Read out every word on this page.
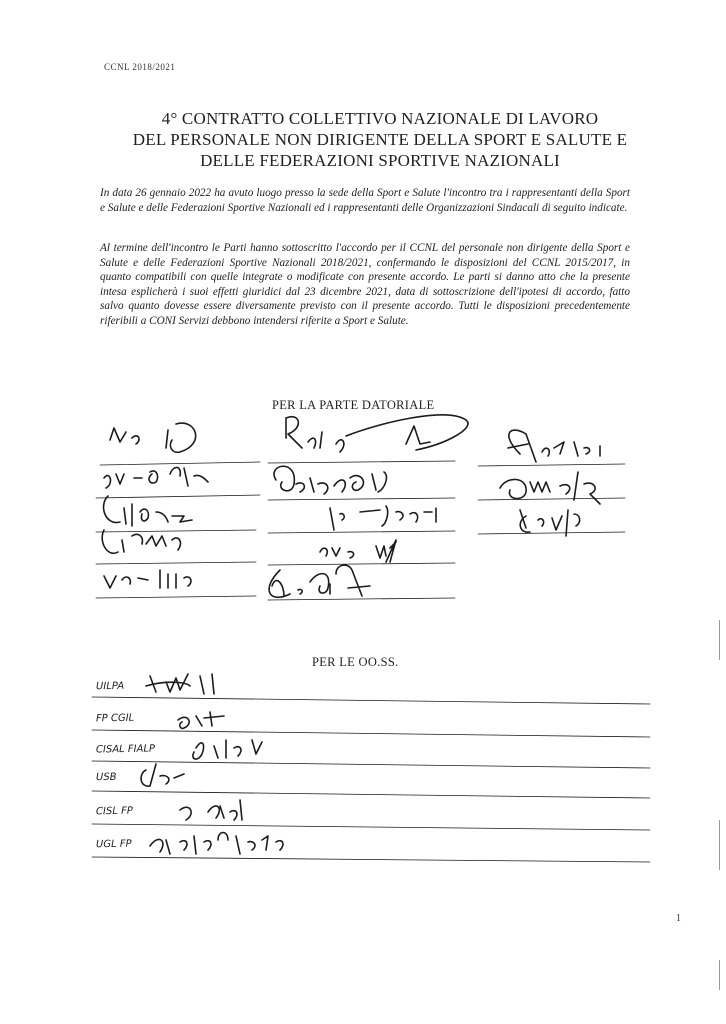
CCNL 2018/2021
4° CONTRATTO COLLETTIVO NAZIONALE DI LAVORO
DEL PERSONALE NON DIRIGENTE DELLA SPORT E SALUTE E
DELLE FEDERAZIONI SPORTIVE NAZIONALI
In data 26 gennaio 2022 ha avuto luogo presso la sede della Sport e Salute l'incontro tra i rappresentanti della Sport e Salute e delle Federazioni Sportive Nazionali ed i rappresentanti delle Organizzazioni Sindacali di seguito indicate.
Al termine dell'incontro le Parti hanno sottoscritto l'accordo per il CCNL del personale non dirigente della Sport e Salute e delle Federazioni Sportive Nazionali 2018/2021, confermando le disposizioni del CCNL 2015/2017, in quanto compatibili con quelle integrate o modificate con presente accordo. Le parti si danno atto che la presente intesa esplicherà i suoi effetti giuridici dal 23 dicembre 2021, data di sottoscrizione dell'ipotesi di accordo, fatto salvo quanto dovesse essere diversamente previsto con il presente accordo. Tutti le disposizioni precedentemente riferibili a CONI Servizi debbono intendersi riferite a Sport e Salute.
PER LA PARTE DATORIALE
PER LE OO.SS.
UILPA
FP CGIL
CISAL FIALP
USB
CISL FP
UGL FP
1
